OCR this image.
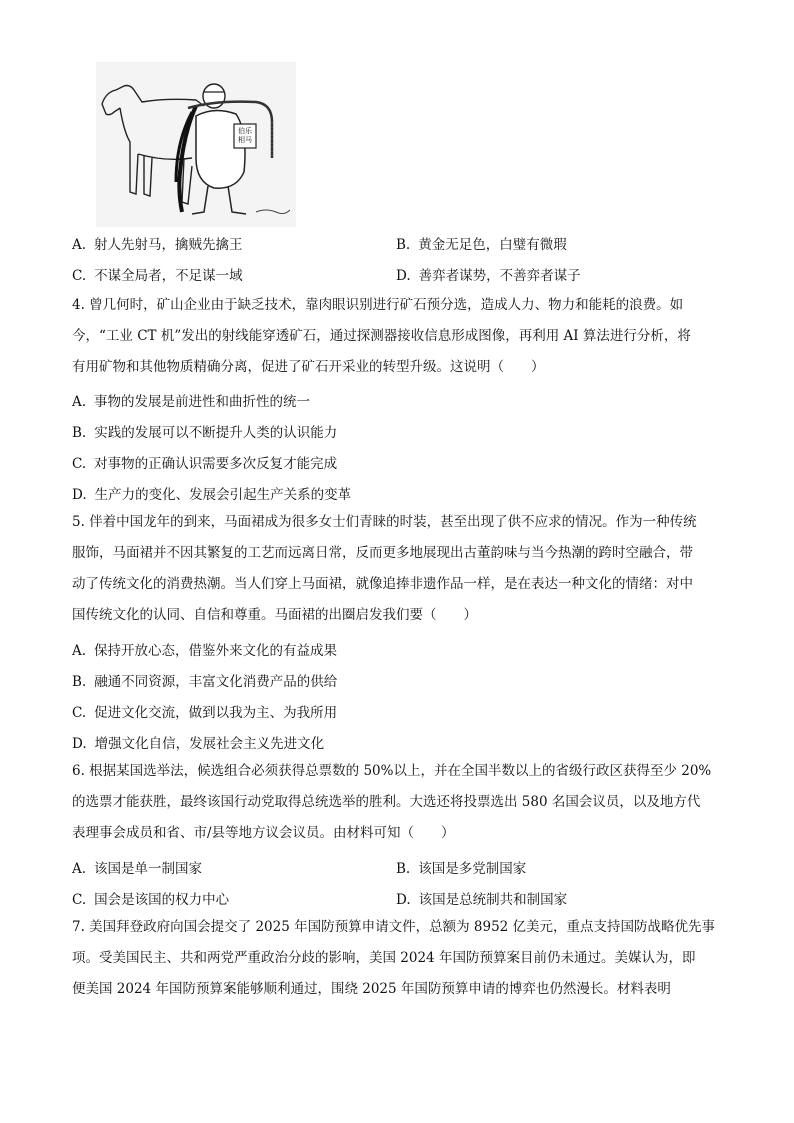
伯乐相马
A. 射人先射马，擒贼先擒王	B. 黄金无足色，白璧有微瑕
C. 不谋全局者，不足谋一域	D. 善弈者谋势，不善弈者谋子
4. 曾几何时，矿山企业由于缺乏技术，靠肉眼识别进行矿石预分选，造成人力、物力和能耗的浪费。如
今，“工业 CT 机”发出的射线能穿透矿石，通过探测器接收信息形成图像，再利用 AI 算法进行分析，将
有用矿物和其他物质精确分离，促进了矿石开采业的转型升级。这说明（　　）
A. 事物的发展是前进性和曲折性的统一
B. 实践的发展可以不断提升人类的认识能力
C. 对事物的正确认识需要多次反复才能完成
D. 生产力的变化、发展会引起生产关系的变革
5. 伴着中国龙年的到来，马面裙成为很多女士们青睐的时装，甚至出现了供不应求的情况。作为一种传统
服饰，马面裙并不因其繁复的工艺而远离日常，反而更多地展现出古董韵味与当今热潮的跨时空融合，带
动了传统文化的消费热潮。当人们穿上马面裙，就像追捧非遗作品一样，是在表达一种文化的情绪：对中
国传统文化的认同、自信和尊重。马面裙的出圈启发我们要（　　）
A. 保持开放心态，借鉴外来文化的有益成果
B. 融通不同资源，丰富文化消费产品的供给
C. 促进文化交流，做到以我为主、为我所用
D. 增强文化自信，发展社会主义先进文化
6. 根据某国选举法，候选组合必须获得总票数的 50%以上，并在全国半数以上的省级行政区获得至少 20%
的选票才能获胜，最终该国行动党取得总统选举的胜利。大选还将投票选出 580 名国会议员，以及地方代
表理事会成员和省、市/县等地方议会议员。由材料可知（　　）
A. 该国是单一制国家	B. 该国是多党制国家
C. 国会是该国的权力中心	D. 该国是总统制共和制国家
7. 美国拜登政府向国会提交了 2025 年国防预算申请文件，总额为 8952 亿美元，重点支持国防战略优先事
项。受美国民主、共和两党严重政治分歧的影响，美国 2024 年国防预算案目前仍未通过。美媒认为，即
便美国 2024 年国防预算案能够顺利通过，围绕 2025 年国防预算申请的博弈也仍然漫长。材料表明
